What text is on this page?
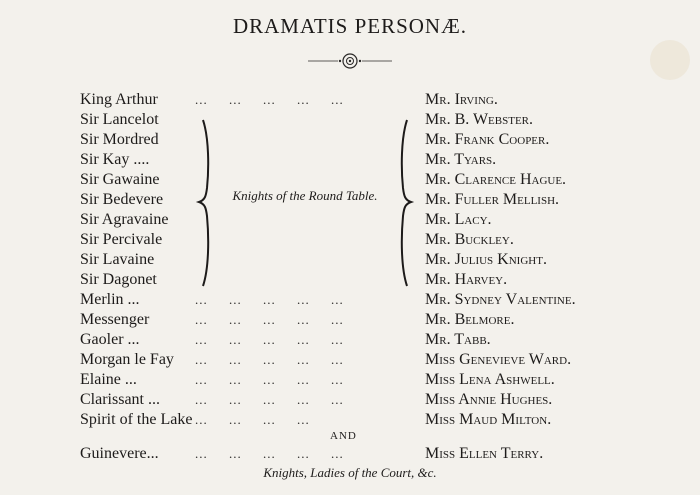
DRAMATIS PERSONÆ.
Knights of the Round Table.
King Arthur	...     ...     ...     ...     ...	Mr. Irving.
Sir Lancelot	Mr. B. Webster.
Sir Mordred	Mr. Frank Cooper.
Sir Kay ....	Mr. Tyars.
Sir Gawaine	Mr. Clarence Hague.
Sir Bedevere	Mr. Fuller Mellish.
Sir Agravaine	Mr. Lacy.
Sir Percivale	Mr. Buckley.
Sir Lavaine	Mr. Julius Knight.
Sir Dagonet	Mr. Harvey.
Merlin ...	...     ...     ...     ...     ...	Mr. Sydney Valentine.
Messenger	...     ...     ...     ...     ...	Mr. Belmore.
Gaoler ...	...     ...     ...     ...     ...	Mr. Tabb.
Morgan le Fay ...     ...     ...     ...     ...	Miss Genevieve Ward.
Elaine ...	...     ...     ...     ...     ...	Miss Lena Ashwell.
Clarissant ...	...     ...     ...     ...     ...	Miss Annie Hughes.
Spirit of the Lake ...     ...     ...     ...	Miss Maud Milton.
Guinevere...	...     ...     ...     ...     ...	Miss Ellen Terry.
AND
Knights, Ladies of the Court, &c.
